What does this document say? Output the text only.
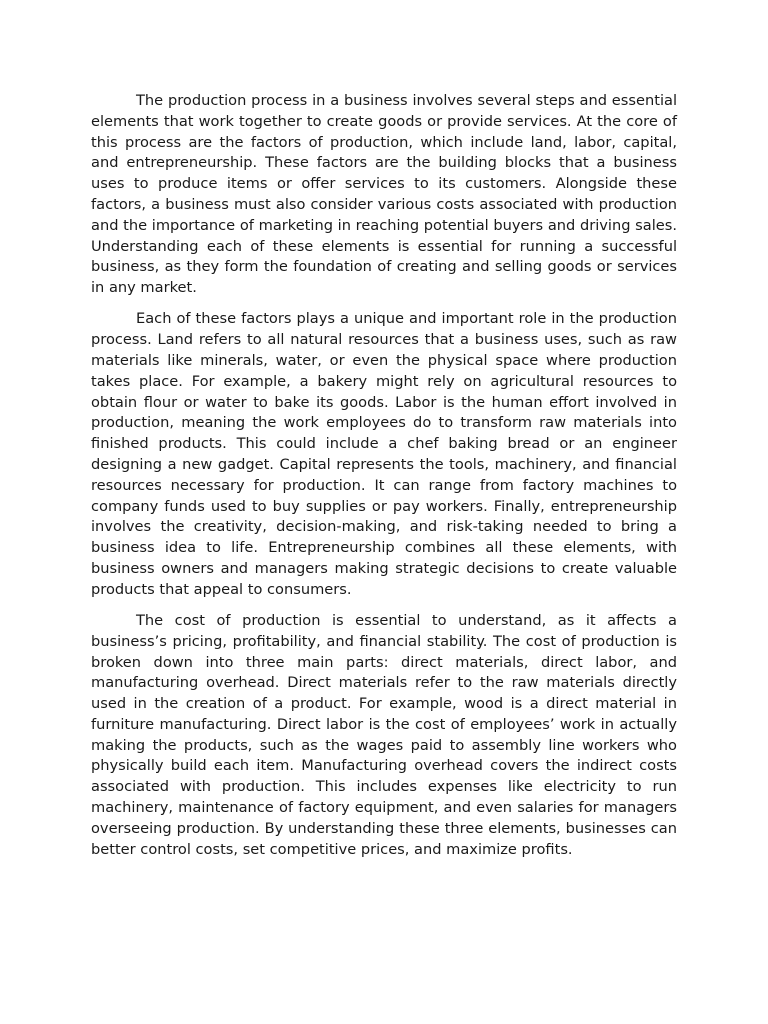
The production process in a business involves several steps and essential elements that work together to create goods or provide services. At the core of this process are the factors of production, which include land, labor, capital, and entrepreneurship. These factors are the building blocks that a business uses to produce items or offer services to its customers. Alongside these factors, a business must also consider various costs associated with production and the importance of marketing in reaching potential buyers and driving sales. Understanding each of these elements is essential for running a successful business, as they form the foundation of creating and selling goods or services in any market.

Each of these factors plays a unique and important role in the production process. Land refers to all natural resources that a business uses, such as raw materials like minerals, water, or even the physical space where production takes place. For example, a bakery might rely on agricultural resources to obtain flour or water to bake its goods. Labor is the human effort involved in production, meaning the work employees do to transform raw materials into finished products. This could include a chef baking bread or an engineer designing a new gadget. Capital represents the tools, machinery, and financial resources necessary for production. It can range from factory machines to company funds used to buy supplies or pay workers. Finally, entrepreneurship involves the creativity, decision-making, and risk-taking needed to bring a business idea to life. Entrepreneurship combines all these elements, with business owners and managers making strategic decisions to create valuable products that appeal to consumers.

The cost of production is essential to understand, as it affects a business’s pricing, profitability, and financial stability. The cost of production is broken down into three main parts: direct materials, direct labor, and manufacturing overhead. Direct materials refer to the raw materials directly used in the creation of a product. For example, wood is a direct material in furniture manufacturing. Direct labor is the cost of employees’ work in actually making the products, such as the wages paid to assembly line workers who physically build each item. Manufacturing overhead covers the indirect costs associated with production. This includes expenses like electricity to run machinery, maintenance of factory equipment, and even salaries for managers overseeing production. By understanding these three elements, businesses can better control costs, set competitive prices, and maximize profits.
